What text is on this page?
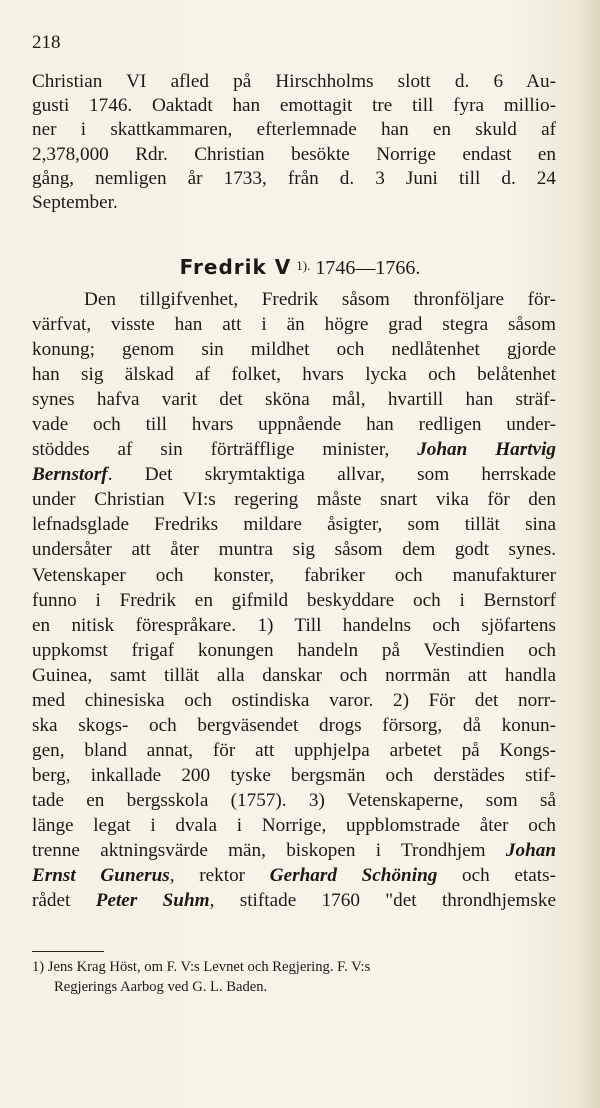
218
Christian VI afled på Hirschholms slott d. 6 Au-
gusti 1746. Oaktadt han emottagit tre till fyra millio-
ner i skattkammaren, efterlemnade han en skuld af
2,378,000 Rdr. Christian besökte Norrige endast en
gång, nemligen år 1733, från d. 3 Juni till d. 24
September.
Fredrik V $^{1).}$ 1746—1766.
Den tillgifvenhet, Fredrik såsom thronföljare för-
värfvat, visste han att i än högre grad stegra såsom
konung; genom sin mildhet och nedlåtenhet gjorde
han sig älskad af folket, hvars lycka och belåtenhet
synes hafva varit det sköna mål, hvartill han sträf-
vade och till hvars uppnående han redligen under-
stöddes af sin förträfflige minister, Johan Hartvig
Bernstorf. Det skrymtaktiga allvar, som herrskade
under Christian VI:s regering måste snart vika för den
lefnadsglade Fredriks mildare åsigter, som tillät sina
undersåter att åter muntra sig såsom dem godt synes.
Vetenskaper och konster, fabriker och manufakturer
funno i Fredrik en gifmild beskyddare och i Bernstorf
en nitisk förespråkare. 1) Till handelns och sjöfartens
uppkomst frigaf konungen handeln på Vestindien och
Guinea, samt tillät alla danskar och norrmän att handla
med chinesiska och ostindiska varor. 2) För det norr-
ska skogs- och bergväsendet drogs försorg, då konun-
gen, bland annat, för att upphjelpa arbetet på Kongs-
berg, inkallade 200 tyske bergsmän och derstädes stif-
tade en bergsskola (1757). 3) Vetenskaperne, som så
länge legat i dvala i Norrige, uppblomstrade åter och
trenne aktningsvärde män, biskopen i Trondhjem Johan
Ernst Gunerus, rektor Gerhard Schöning och etats-
rådet Peter Suhm, stiftade 1760 "det throndhjemske
1) Jens Krag Höst, om F. V:s Levnet och Regjering. F. V:s
Regjerings Aarbog ved G. L. Baden.
